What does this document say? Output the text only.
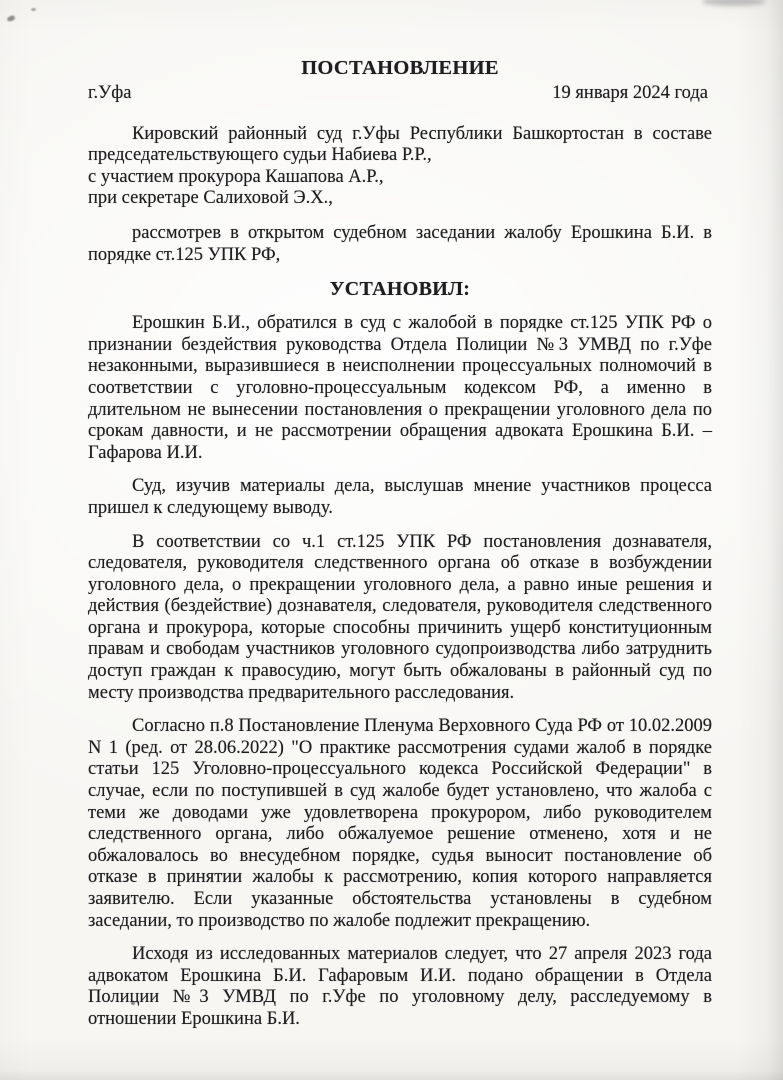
ПОСТАНОВЛЕНИЕ
г.Уфа	19 января 2024 года

Кировский районный суд г.Уфы Республики Башкортостан в составе председательствующего судьи Набиева Р.Р.,

с участием прокурора Кашапова А.Р.,

при секретаре Салиховой Э.Х.,

рассмотрев в открытом судебном заседании жалобу Ерошкина Б.И. в порядке ст.125 УПК РФ,

УСТАНОВИЛ:

Ерошкин Б.И., обратился в суд с жалобой в порядке ст.125 УПК РФ о признании бездействия руководства Отдела Полиции №3 УМВД по г.Уфе незаконными, выразившиеся в неисполнении процессуальных полномочий в соответствии с уголовно-процессуальным кодексом РФ, а именно в длительном не вынесении постановления о прекращении уголовного дела по срокам давности, и не рассмотрении обращения адвоката Ерошкина Б.И. – Гафарова И.И.

Суд, изучив материалы дела, выслушав мнение участников процесса пришел к следующему выводу.

В соответствии со ч.1 ст.125 УПК РФ постановления дознавателя, следователя, руководителя следственного органа об отказе в возбуждении уголовного дела, о прекращении уголовного дела, а равно иные решения и действия (бездействие) дознавателя, следователя, руководителя следственного органа и прокурора, которые способны причинить ущерб конституционным правам и свободам участников уголовного судопроизводства либо затруднить доступ граждан к правосудию, могут быть обжалованы в районный суд по месту производства предварительного расследования.

Согласно п.8 Постановление Пленума Верховного Суда РФ от 10.02.2009 N 1 (ред. от 28.06.2022) "О практике рассмотрения судами жалоб в порядке статьи 125 Уголовно-процессуального кодекса Российской Федерации" в случае, если по поступившей в суд жалобе будет установлено, что жалоба с теми же доводами уже удовлетворена прокурором, либо руководителем следственного органа, либо обжалуемое решение отменено, хотя и не обжаловалось во внесудебном порядке, судья выносит постановление об отказе в принятии жалобы к рассмотрению, копия которого направляется заявителю. Если указанные обстоятельства установлены в судебном заседании, то производство по жалобе подлежит прекращению.

Исходя из исследованных материалов следует, что 27 апреля 2023 года адвокатом Ерошкина Б.И. Гафаровым И.И. подано обращении в Отдела Полиции №3 УМВД по г.Уфе по уголовному делу, расследуемому в отношении Ерошкина Б.И.
